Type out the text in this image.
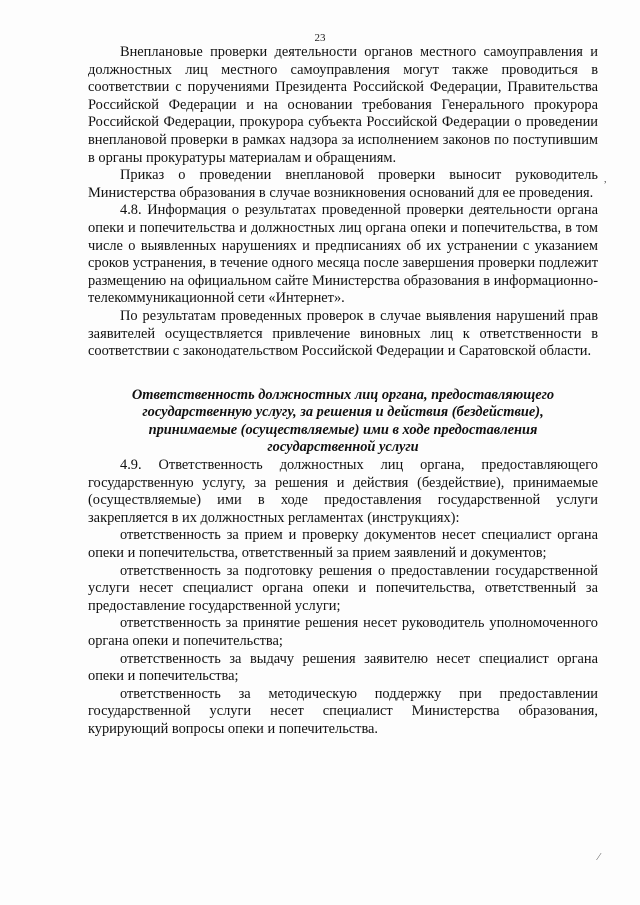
23

Внеплановые проверки деятельности органов местного самоуправления и должностных лиц местного самоуправления могут также проводиться в соответствии с поручениями Президента Российской Федерации, Правительства Российской Федерации и на основании требования Генерального прокурора Российской Федерации, прокурора субъекта Российской Федерации о проведении внеплановой проверки в рамках надзора за исполнением законов по поступившим в органы прокуратуры материалам и обращениям.

Приказ о проведении внеплановой проверки выносит руководитель Министерства образования в случае возникновения оснований для ее проведения.

4.8. Информация о результатах проведенной проверки деятельности органа опеки и попечительства и должностных лиц органа опеки и попечительства, в том числе о выявленных нарушениях и предписаниях об их устранении с указанием сроков устранения, в течение одного месяца после завершения проверки подлежит размещению на официальном сайте Министерства образования в информационно-телекоммуникационной сети «Интернет».

По результатам проведенных проверок в случае выявления нарушений прав заявителей осуществляется привлечение виновных лиц к ответственности в соответствии с законодательством Российской Федерации и Саратовской области.

Ответственность должностных лиц органа, предоставляющего
государственную услугу, за решения и действия (бездействие),
принимаемые (осуществляемые) ими в ходе предоставления
государственной услуги

4.9. Ответственность должностных лиц органа, предоставляющего государственную услугу, за решения и действия (бездействие), принимаемые (осуществляемые) ими в ходе предоставления государственной услуги закрепляется в их должностных регламентах (инструкциях):

ответственность за прием и проверку документов несет специалист органа опеки и попечительства, ответственный за прием заявлений и документов;

ответственность за подготовку решения о предоставлении государственной услуги несет специалист органа опеки и попечительства, ответственный за предоставление государственной услуги;

ответственность за принятие решения несет руководитель уполномоченного органа опеки и попечительства;

ответственность за выдачу решения заявителю несет специалист органа опеки и попечительства;

ответственность за методическую поддержку при предоставлении государственной услуги несет специалист Министерства образования, курирующий вопросы опеки и попечительства.

,
⁄
